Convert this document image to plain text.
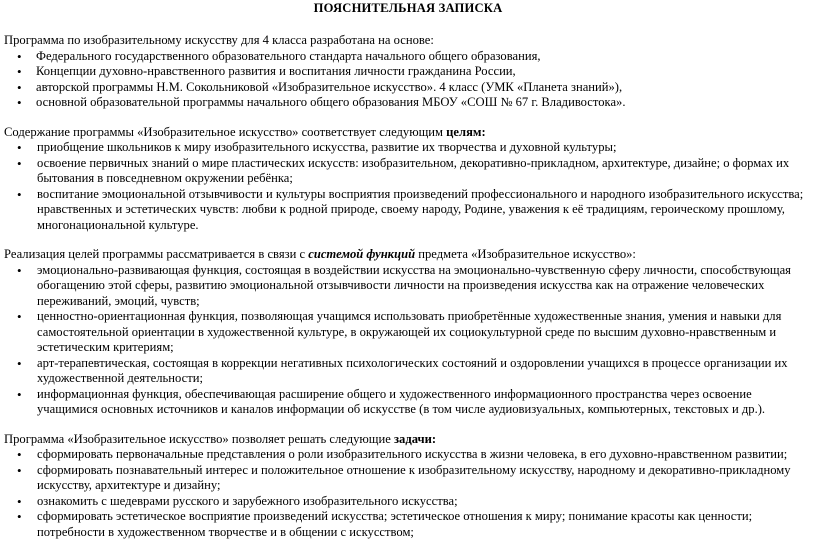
ПОЯСНИТЕЛЬНАЯ ЗАПИСКА

Программа по изобразительному искусству для 4 класса разработана на основе:

• Федерального государственного образовательного стандарта начального общего образования,
• Концепции духовно-нравственного развития и воспитания личности гражданина России,
• авторской программы Н.М. Сокольниковой «Изобразительное искусство». 4 класс (УМК «Планета знаний»),
• основной образовательной программы начального общего образования МБОУ «СОШ № 67 г. Владивостока».

Содержание программы «Изобразительное искусство» соответствует следующим целям:

• приобщение школьников к миру изобразительного искусства, развитие их творчества и духовной культуры;
• освоение первичных знаний о мире пластических искусств: изобразительном, декоративно-прикладном, архитектуре, дизайне; о формах их бытования в повседневном окружении ребёнка;
• воспитание эмоциональной отзывчивости и культуры восприятия произведений профессионального и народного изобразительного искусства; нравственных и эстетических чувств: любви к родной природе, своему народу, Родине, уважения к её традициям, героическому прошлому, многонациональной культуре.

Реализация целей программы рассматривается в связи с системой функций предмета «Изобразительное искусство»:

• эмоционально-развивающая функция, состоящая в воздействии искусства на эмоционально-чувственную сферу личности, способствующая обогащению этой сферы, развитию эмоциональной отзывчивости личности на произведения искусства как на отражение человеческих переживаний, эмоций, чувств;
• ценностно-ориентационная функция, позволяющая учащимся использовать приобретённые художественные знания, умения и навыки для самостоятельной ориентации в художественной культуре, в окружающей их социокультурной среде по высшим духовно-нравственным и эстетическим критериям;
• арт-терапевтическая, состоящая в коррекции негативных психологических состояний и оздоровлении учащихся в процессе организации их художественной деятельности;
• информационная функция, обеспечивающая расширение общего и художественного информационного пространства через освоение учащимися основных источников и каналов информации об искусстве (в том числе аудиовизуальных, компьютерных, текстовых и др.).

Программа «Изобразительное искусство» позволяет решать следующие задачи:

• сформировать первоначальные представления о роли изобразительного искусства в жизни человека, в его духовно-нравственном развитии;
• сформировать познавательный интерес и положительное отношение к изобразительному искусству, народному и декоративно-прикладному искусству, архитектуре и дизайну;
• ознакомить с шедеврами русского и зарубежного изобразительного искусства;
• сформировать эстетическое восприятие произведений искусства; эстетическое отношения к миру; понимание красоты как ценности; потребности в художественном творчестве и в общении с искусством;
